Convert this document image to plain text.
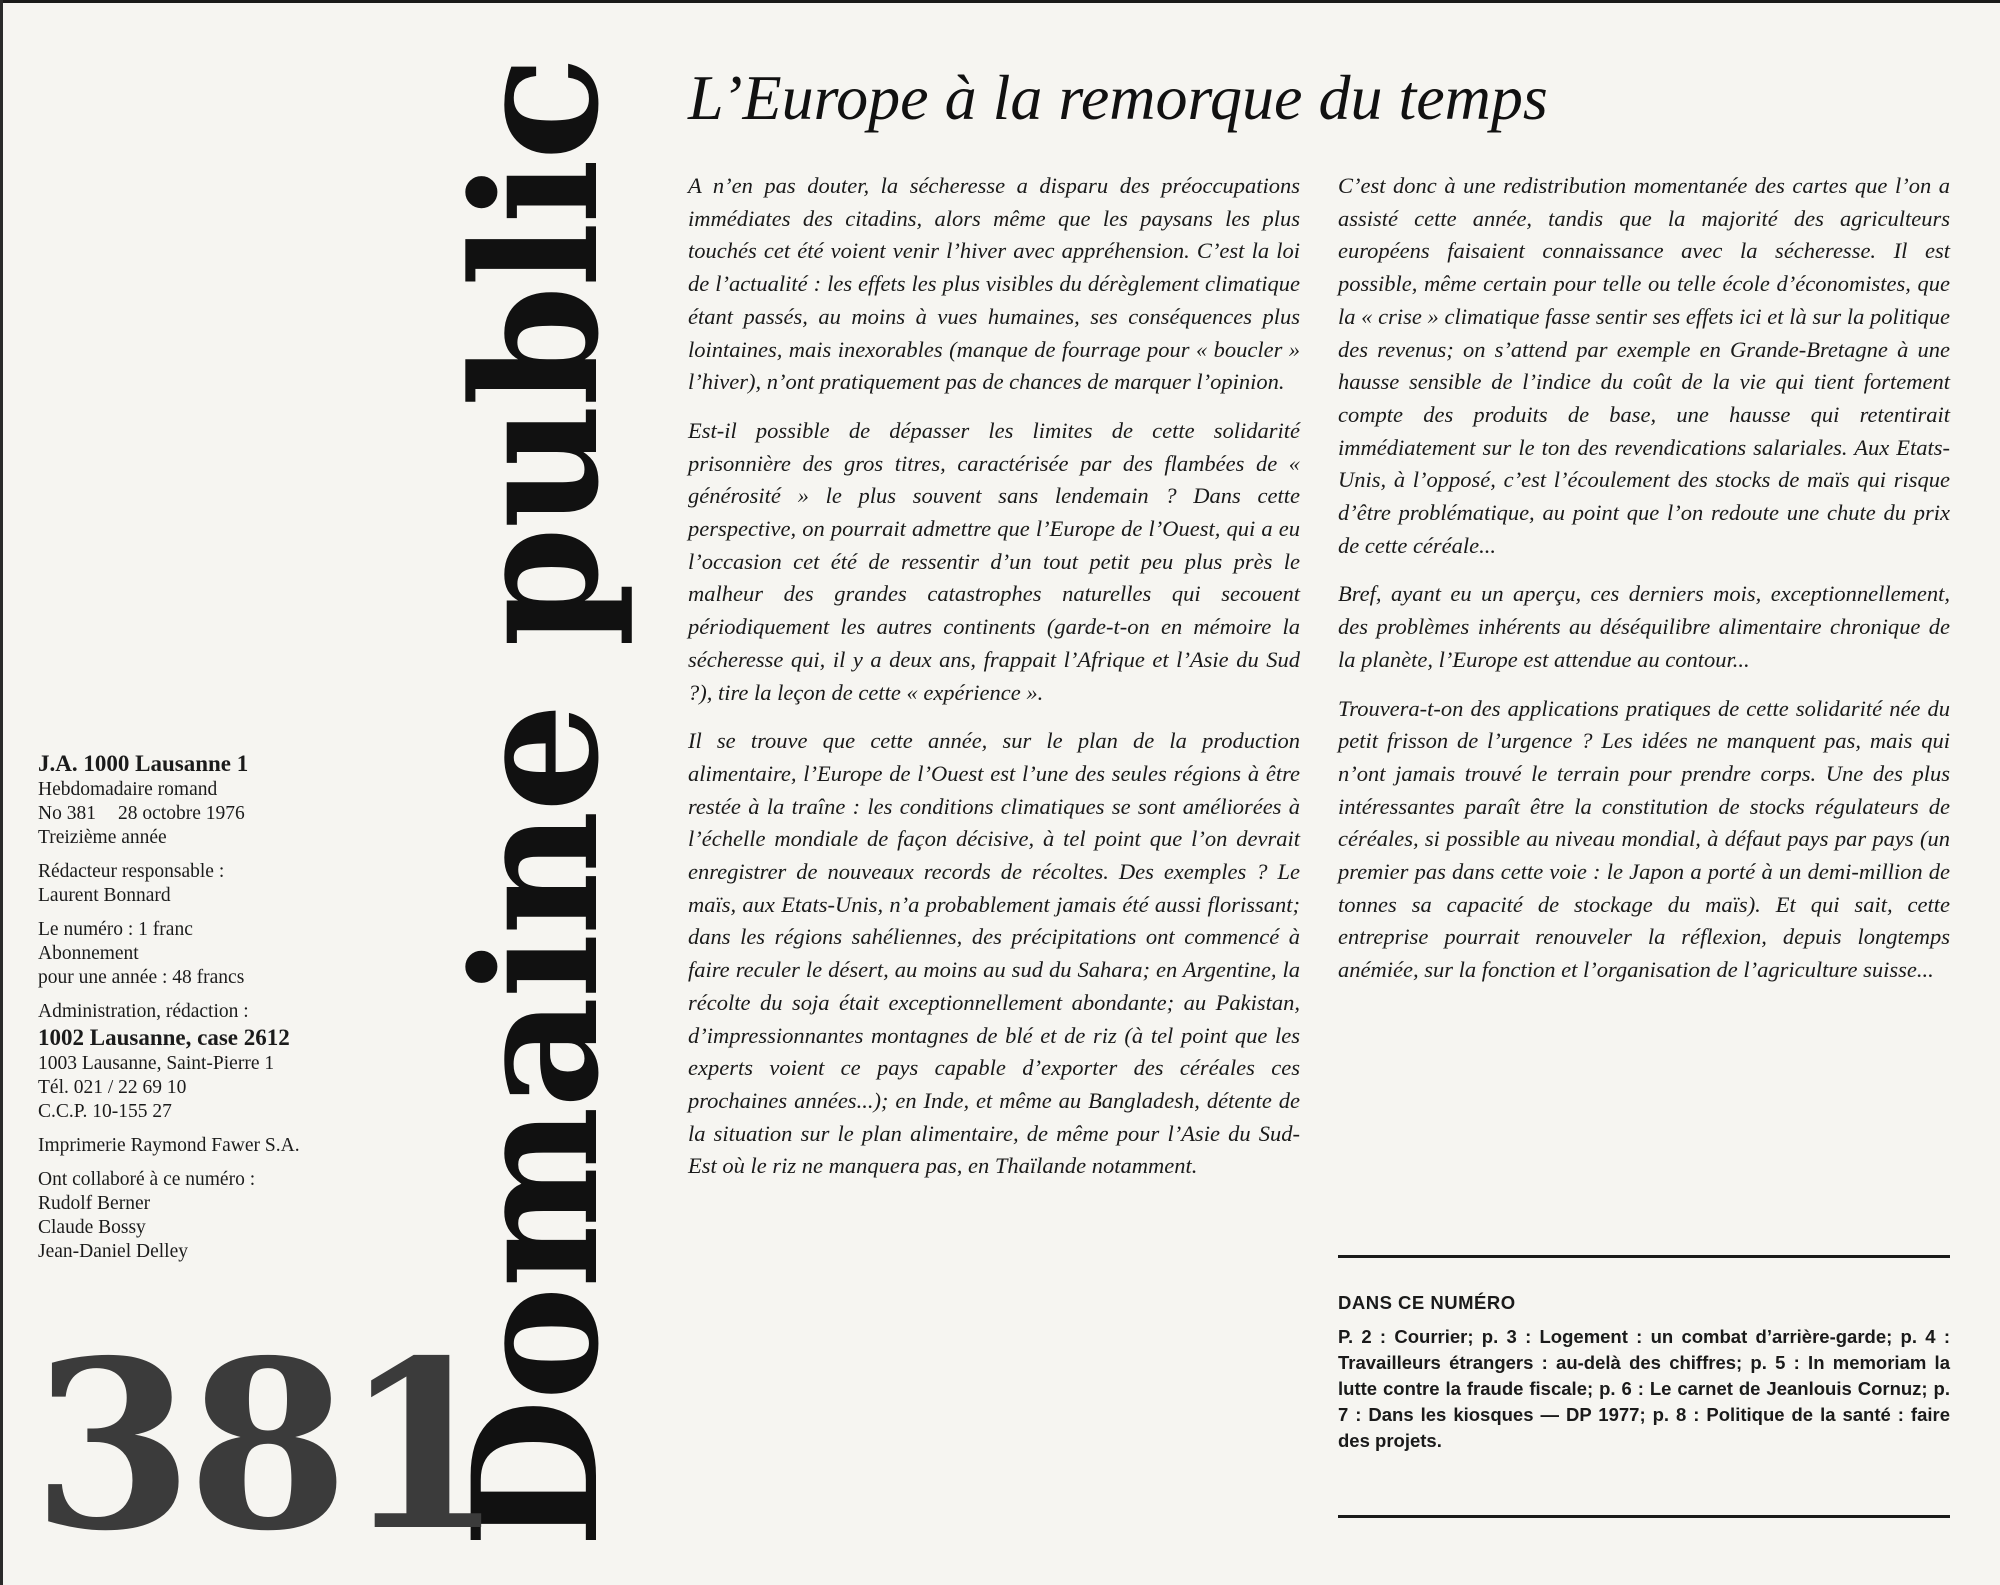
Domaine public
J.A. 1000 Lausanne 1
Hebdomadaire romand
No 381 28 octobre 1976
Treizième année
Rédacteur responsable :
Laurent Bonnard
Le numéro : 1 franc
Abonnement
pour une année : 48 francs
Administration, rédaction :
1002 Lausanne, case 2612
1003 Lausanne, Saint-Pierre 1
Tél. 021 / 22 69 10
C.C.P. 10-155 27
Imprimerie Raymond Fawer S.A.
Ont collaboré à ce numéro :
Rudolf Berner
Claude Bossy
Jean-Daniel Delley
381
L’Europe à la remorque du temps

A n’en pas douter, la sécheresse a disparu des préoccupations immédiates des citadins, alors même que les paysans les plus touchés cet été voient venir l’hiver avec appréhension. C’est la loi de l’actualité : les effets les plus visibles du dérèglement climatique étant passés, au moins à vues humaines, ses conséquences plus lointaines, mais inexorables (manque de fourrage pour « boucler » l’hiver), n’ont pratiquement pas de chances de marquer l’opinion.

Est-il possible de dépasser les limites de cette solidarité prisonnière des gros titres, caractérisée par des flambées de « générosité » le plus souvent sans lendemain ? Dans cette perspective, on pourrait admettre que l’Europe de l’Ouest, qui a eu l’occasion cet été de ressentir d’un tout petit peu plus près le malheur des grandes catastrophes naturelles qui secouent périodiquement les autres continents (garde-t-on en mémoire la sécheresse qui, il y a deux ans, frappait l’Afrique et l’Asie du Sud ?), tire la leçon de cette « expérience ».

Il se trouve que cette année, sur le plan de la production alimentaire, l’Europe de l’Ouest est l’une des seules régions à être restée à la traîne : les conditions climatiques se sont améliorées à l’échelle mondiale de façon décisive, à tel point que l’on devrait enregistrer de nouveaux records de récoltes. Des exemples ? Le maïs, aux Etats-Unis, n’a probablement jamais été aussi florissant; dans les régions sahéliennes, des précipitations ont commencé à faire reculer le désert, au moins au sud du Sahara; en Argentine, la récolte du soja était exceptionnellement abondante; au Pakistan, d’impressionnantes montagnes de blé et de riz (à tel point que les experts voient ce pays capable d’exporter des céréales ces prochaines années...); en Inde, et même au Bangladesh, détente de la situation sur le plan alimentaire, de même pour l’Asie du Sud-Est où le riz ne manquera pas, en Thaïlande notamment.

C’est donc à une redistribution momentanée des cartes que l’on a assisté cette année, tandis que la majorité des agriculteurs européens faisaient connaissance avec la sécheresse. Il est possible, même certain pour telle ou telle école d’économistes, que la « crise » climatique fasse sentir ses effets ici et là sur la politique des revenus; on s’attend par exemple en Grande-Bretagne à une hausse sensible de l’indice du coût de la vie qui tient fortement compte des produits de base, une hausse qui retentirait immédiatement sur le ton des revendications salariales. Aux Etats-Unis, à l’opposé, c’est l’écoulement des stocks de maïs qui risque d’être problématique, au point que l’on redoute une chute du prix de cette céréale...

Bref, ayant eu un aperçu, ces derniers mois, exceptionnellement, des problèmes inhérents au déséquilibre alimentaire chronique de la planète, l’Europe est attendue au contour...

Trouvera-t-on des applications pratiques de cette solidarité née du petit frisson de l’urgence ? Les idées ne manquent pas, mais qui n’ont jamais trouvé le terrain pour prendre corps. Une des plus intéressantes paraît être la constitution de stocks régulateurs de céréales, si possible au niveau mondial, à défaut pays par pays (un premier pas dans cette voie : le Japon a porté à un demi-million de tonnes sa capacité de stockage du maïs). Et qui sait, cette entreprise pourrait renouveler la réflexion, depuis longtemps anémiée, sur la fonction et l’organisation de l’agriculture suisse...

DANS CE NUMÉRO
P. 2 : Courrier; p. 3 : Logement : un combat d’arrière-garde; p. 4 : Travailleurs étrangers : au-delà des chiffres; p. 5 : In memoriam la lutte contre la fraude fiscale; p. 6 : Le carnet de Jeanlouis Cornuz; p. 7 : Dans les kiosques — DP 1977; p. 8 : Politique de la santé : faire des projets.
